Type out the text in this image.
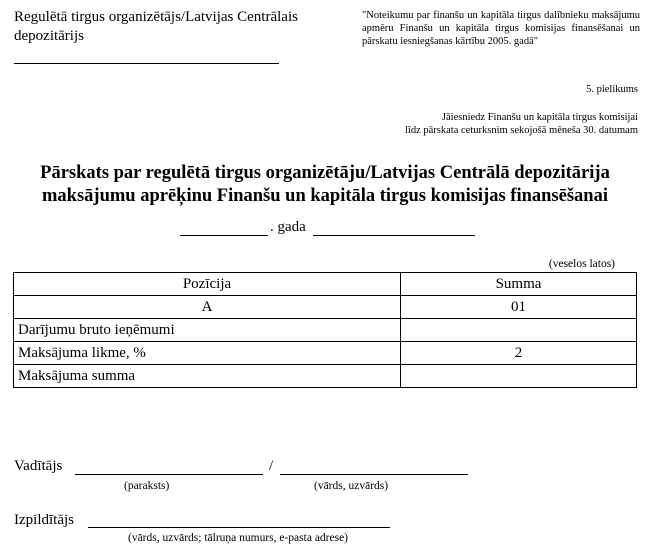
Regulētā tirgus organizētājs/Latvijas Centrālais
depozitārijs
"Noteikumu par finanšu un kapitāla tirgus dalībnieku maksājumu apmēru Finanšu un kapitāla tirgus komisijas finansēšanai un pārskatu iesniegšanas kārtību 2005. gadā"
5. pielikums
Jāiesniedz Finanšu un kapitāla tirgus komisijai
līdz pārskata ceturksnim sekojošā mēneša 30. datumam
Pārskats par regulētā tirgus organizētāju/Latvijas Centrālā depozitārija
maksājumu aprēķinu Finanšu un kapitāla tirgus komisijas finansēšanai
. gada
(veselos latos)
Pozīcija	Summa
A	01
Darījumu bruto ieņēmumi	
Maksājuma likme, %	2
Maksājuma summa	
Vadītājs	/
(paraksts)	(vārds, uzvārds)
Izpildītājs
(vārds, uzvārds; tālruņa numurs, e-pasta adrese)
